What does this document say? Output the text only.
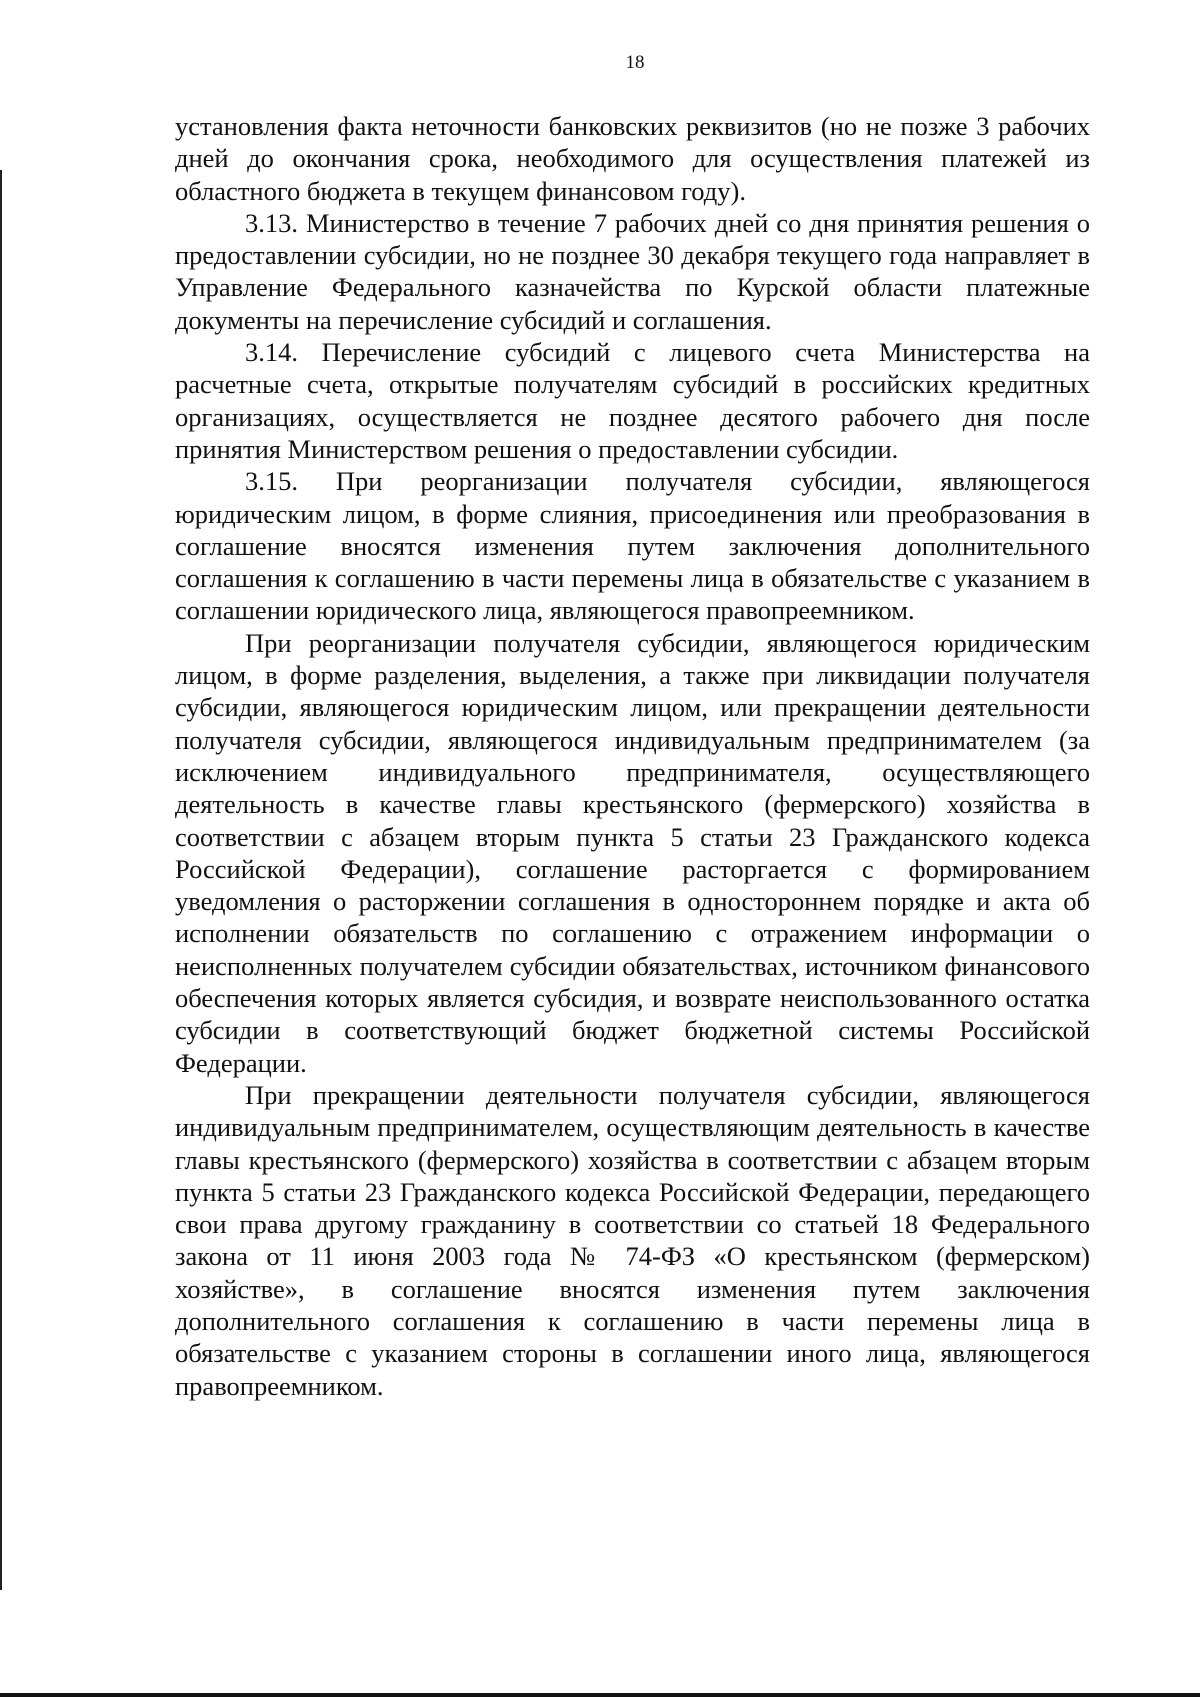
18

установления факта неточности банковских реквизитов (но не позже 3 рабочих дней до окончания срока, необходимого для осуществления платежей из областного бюджета в текущем финансовом году).

3.13. Министерство в течение 7 рабочих дней со дня принятия решения о предоставлении субсидии, но не позднее 30 декабря текущего года направляет в Управление Федерального казначейства по Курской области платежные документы на перечисление субсидий и соглашения.

3.14. Перечисление субсидий с лицевого счета Министерства на расчетные счета, открытые получателям субсидий в российских кредитных организациях, осуществляется не позднее десятого рабочего дня после принятия Министерством решения о предоставлении субсидии.

3.15. При реорганизации получателя субсидии, являющегося юридическим лицом, в форме слияния, присоединения или преобразования в соглашение вносятся изменения путем заключения дополнительного соглашения к соглашению в части перемены лица в обязательстве с указанием в соглашении юридического лица, являющегося правопреемником.

При реорганизации получателя субсидии, являющегося юридическим лицом, в форме разделения, выделения, а также при ликвидации получателя субсидии, являющегося юридическим лицом, или прекращении деятельности получателя субсидии, являющегося индивидуальным предпринимателем (за исключением индивидуального предпринимателя, осуществляющего деятельность в качестве главы крестьянского (фермерского) хозяйства в соответствии с абзацем вторым пункта 5 статьи 23 Гражданского кодекса Российской Федерации), соглашение расторгается с формированием уведомления о расторжении соглашения в одностороннем порядке и акта об исполнении обязательств по соглашению с отражением информации о неисполненных получателем субсидии обязательствах, источником финансового обеспечения которых является субсидия, и возврате неиспользованного остатка субсидии в соответствующий бюджет бюджетной системы Российской Федерации.

При прекращении деятельности получателя субсидии, являющегося индивидуальным предпринимателем, осуществляющим деятельность в качестве главы крестьянского (фермерского) хозяйства в соответствии с абзацем вторым пункта 5 статьи 23 Гражданского кодекса Российской Федерации, передающего свои права другому гражданину в соответствии со статьей 18 Федерального закона от 11 июня 2003 года № 74-ФЗ «О крестьянском (фермерском) хозяйстве», в соглашение вносятся изменения путем заключения дополнительного соглашения к соглашению в части перемены лица в обязательстве с указанием стороны в соглашении иного лица, являющегося правопреемником.
